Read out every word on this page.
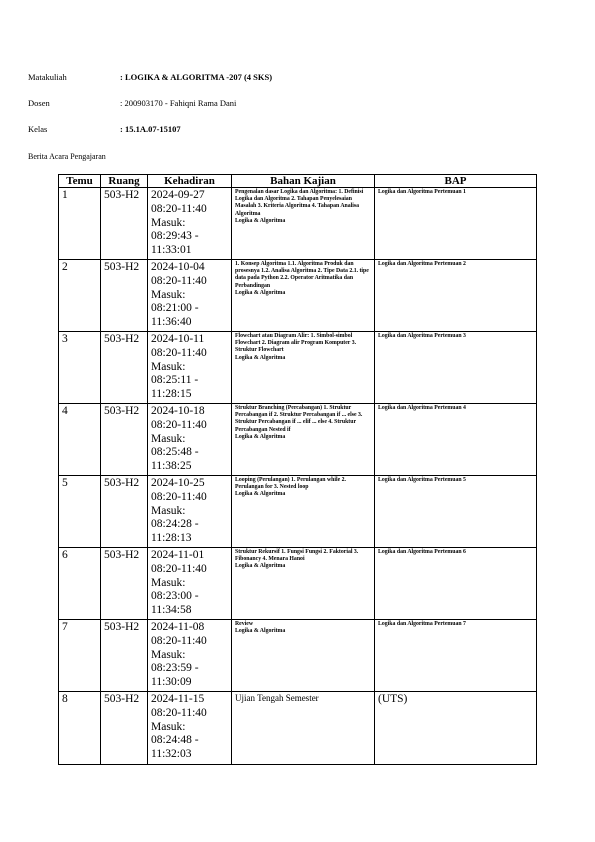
Matakuliah	: LOGIKA & ALGORITMA -207 (4 SKS)
Dosen	: 200903170 - Fahiqni Rama Dani
Kelas	: 15.1A.07-15107
Berita Acara Pengajaran
Temu	Ruang	Kehadiran	Bahan Kajian	BAP
1	503-H2	2024-09-27
08:20-11:40
Masuk: 08:29:43 - 11:33:01	Pengenalan dasar Logika dan Algoritma: 1. Definisi Logika dan Algoritma 2. Tahapan Penyelesaian Masalah 3. Kriteria Algoritma 4. Tahapan Analisa Algoritma
Logika & Algoritma	Logika dan Algoritma Pertemuan 1
2	503-H2	2024-10-04
08:20-11:40
Masuk: 08:21:00 - 11:36:40	1. Konsep Algoritma 1.1. Algoritma Produk dan prosesnya 1.2. Analisa Algoritma 2. Tipe Data 2.1. tipe data pada Python 2.2. Operator Aritmatika dan Perbandingan
Logika & Algoritma	Logika dan Algoritma Pertemuan 2
3	503-H2	2024-10-11
08:20-11:40
Masuk: 08:25:11 - 11:28:15	Flowchart atau Diagram Alir: 1. Simbol-simbol Flowchart 2. Diagram alir Program Komputer 3. Struktur Flowchart
Logika & Algoritma	Logika dan Algoritma Pertemuan 3
4	503-H2	2024-10-18
08:20-11:40
Masuk: 08:25:48 - 11:38:25	Struktur Branching (Percabangan) 1. Struktur Percabangan if 2. Struktur Percabangan if ... else 3. Struktur Percabangan if ... elif ... else 4. Struktur Percabangan Nested if
Logika & Algoritma	Logika dan Algoritma Pertemuan 4
5	503-H2	2024-10-25
08:20-11:40
Masuk: 08:24:28 - 11:28:13	Looping (Perulangan) 1. Perulangan while 2. Perulangan for 3. Nested loop
Logika & Algoritma	Logika dan Algoritma Pertemuan 5
6	503-H2	2024-11-01
08:20-11:40
Masuk: 08:23:00 - 11:34:58	Struktur Rekursif 1. Fungsi Fungsi 2. Faktorial 3. Fibonancy 4. Menara Hanoi
Logika & Algoritma	Logika dan Algoritma Pertemuan 6
7	503-H2	2024-11-08
08:20-11:40
Masuk: 08:23:59 - 11:30:09	Review
Logika & Algoritma	Logika dan Algoritma Pertemuan 7
8	503-H2	2024-11-15
08:20-11:40
Masuk: 08:24:48 - 11:32:03	Ujian Tengah Semester	(UTS)
